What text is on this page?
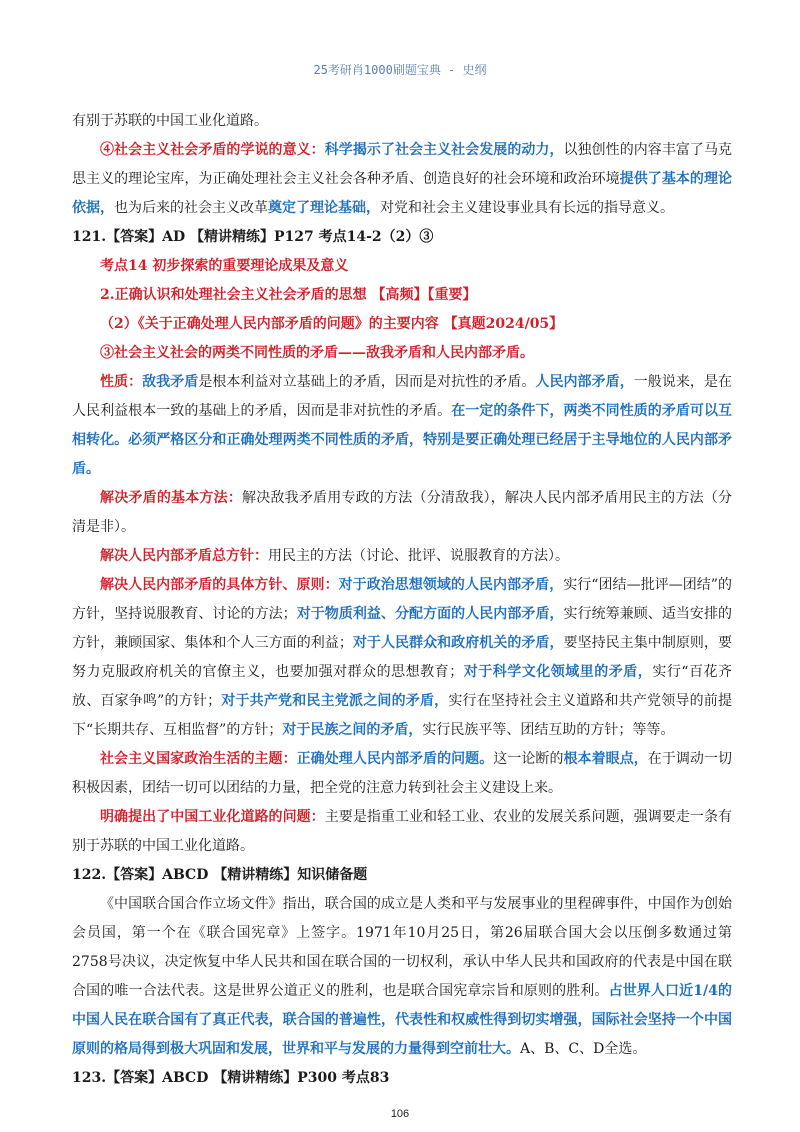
25考研肖1000刷题宝典 - 史纲

有别于苏联的中国工业化道路。

④社会主义社会矛盾的学说的意义：科学揭示了社会主义社会发展的动力，以独创性的内容丰富了马克思主义的理论宝库，为正确处理社会主义社会各种矛盾、创造良好的社会环境和政治环境提供了基本的理论依据，也为后来的社会主义改革奠定了理论基础，对党和社会主义建设事业具有长远的指导意义。

121.【答案】AD 【精讲精练】P127 考点14-2（2）③

考点14 初步探索的重要理论成果及意义

2.正确认识和处理社会主义社会矛盾的思想 【高频】【重要】

（2）《关于正确处理人民内部矛盾的问题》的主要内容 【真题2024/05】

③社会主义社会的两类不同性质的矛盾——敌我矛盾和人民内部矛盾。

性质：敌我矛盾是根本利益对立基础上的矛盾，因而是对抗性的矛盾。人民内部矛盾，一般说来，是在人民利益根本一致的基础上的矛盾，因而是非对抗性的矛盾。在一定的条件下，两类不同性质的矛盾可以互相转化。必须严格区分和正确处理两类不同性质的矛盾，特别是要正确处理已经居于主导地位的人民内部矛盾。

解决矛盾的基本方法：解决敌我矛盾用专政的方法（分清敌我），解决人民内部矛盾用民主的方法（分清是非）。

解决人民内部矛盾总方针：用民主的方法（讨论、批评、说服教育的方法）。

解决人民内部矛盾的具体方针、原则：对于政治思想领域的人民内部矛盾，实行“团结—批评—团结”的方针，坚持说服教育、讨论的方法；对于物质利益、分配方面的人民内部矛盾，实行统筹兼顾、适当安排的方针，兼顾国家、集体和个人三方面的利益；对于人民群众和政府机关的矛盾，要坚持民主集中制原则，要努力克服政府机关的官僚主义，也要加强对群众的思想教育；对于科学文化领域里的矛盾，实行“百花齐放、百家争鸣”的方针；对于共产党和民主党派之间的矛盾，实行在坚持社会主义道路和共产党领导的前提下“长期共存、互相监督”的方针；对于民族之间的矛盾，实行民族平等、团结互助的方针；等等。

社会主义国家政治生活的主题：正确处理人民内部矛盾的问题。这一论断的根本着眼点，在于调动一切积极因素，团结一切可以团结的力量，把全党的注意力转到社会主义建设上来。

明确提出了中国工业化道路的问题：主要是指重工业和轻工业、农业的发展关系问题，强调要走一条有别于苏联的中国工业化道路。

122.【答案】ABCD 【精讲精练】知识储备题

《中国联合国合作立场文件》指出，联合国的成立是人类和平与发展事业的里程碑事件，中国作为创始会员国，第一个在《联合国宪章》上签字。1971年10月25日，第26届联合国大会以压倒多数通过第 2758号决议，决定恢复中华人民共和国在联合国的一切权利，承认中华人民共和国政府的代表是中国在联合国的唯一合法代表。这是世界公道正义的胜利，也是联合国宪章宗旨和原则的胜利。占世界人口近1/4的中国人民在联合国有了真正代表，联合国的普遍性，代表性和权威性得到切实增强，国际社会坚持一个中国原则的格局得到极大巩固和发展，世界和平与发展的力量得到空前壮大。A、B、C、D全选。

123.【答案】ABCD 【精讲精练】P300 考点83

106
